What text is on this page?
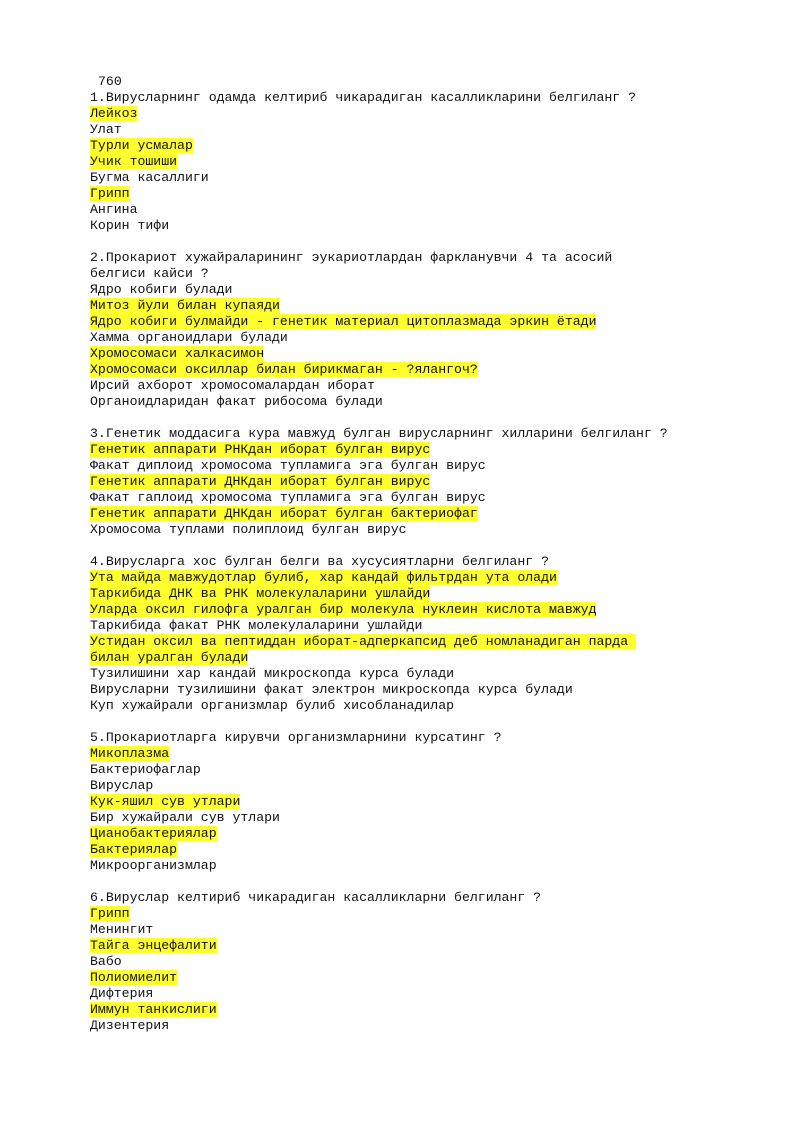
760
1.Вирусларнинг одамда келтириб чикарадиган касалликларини белгиланг ?
Лейкоз
Улат
Турли усмалар
Учик тошиши
Бугма касаллиги
Грипп
Ангина
Корин тифи
2.Прокариот хужайраларининг эукариотлардан фаркланувчи 4 та асосий
белгиси кайси ?
Ядро кобиги булади
Митоз йули билан купаяди
Ядро кобиги булмайди - генетик материал цитоплазмада эркин ётади
Хамма органоидлари булади
Хромосомаси халкасимон
Хромосомаси оксиллар билан бирикмаган - ?ялангоч?
Ирсий ахборот хромосомалардан иборат
Органоидларидан факат рибосома булади
3.Генетик моддасига кура мавжуд булган вирусларнинг хилларини белгиланг ?
Генетик аппарати РНКдан иборат булган вирус
Факат диплоид хромосома тупламига эга булган вирус
Генетик аппарати ДНКдан иборат булган вирус
Факат гаплоид хромосома тупламига эга булган вирус
Генетик аппарати ДНКдан иборат булган бактериофаг
Хромосома туплами полиплоид булган вирус
4.Вирусларга хос булган белги ва хусусиятларни белгиланг ?
Ута майда мавжудотлар булиб, хар кандай фильтрдан ута олади
Таркибида ДНК ва РНК молекулаларини ушлайди
Уларда оксил гилофга уралган бир молекула нуклеин кислота мавжуд
Таркибида факат РНК молекулаларини ушлайди
Устидан оксил ва пептиддан иборат-адперкапсид деб номланадиган парда
билан уралган булади
Тузилишини хар кандай микроскопда курса булади
Вирусларни тузилишини факат электрон микроскопда курса булади
Куп хужайрали организмлар булиб хисобланадилар
5.Прокариотларга кирувчи организмларнини курсатинг ?
Микоплазма
Бактериофаглар
Вируслар
Кук-яшил сув утлари
Бир хужайрали сув утлари
Цианобактериялар
Бактериялар
Микроорганизмлар
6.Вируслар келтириб чикарадиган касалликларни белгиланг ?
Грипп
Менингит
Тайга энцефалити
Вабо
Полиомиелит
Дифтерия
Иммун танкислиги
Дизентерия
